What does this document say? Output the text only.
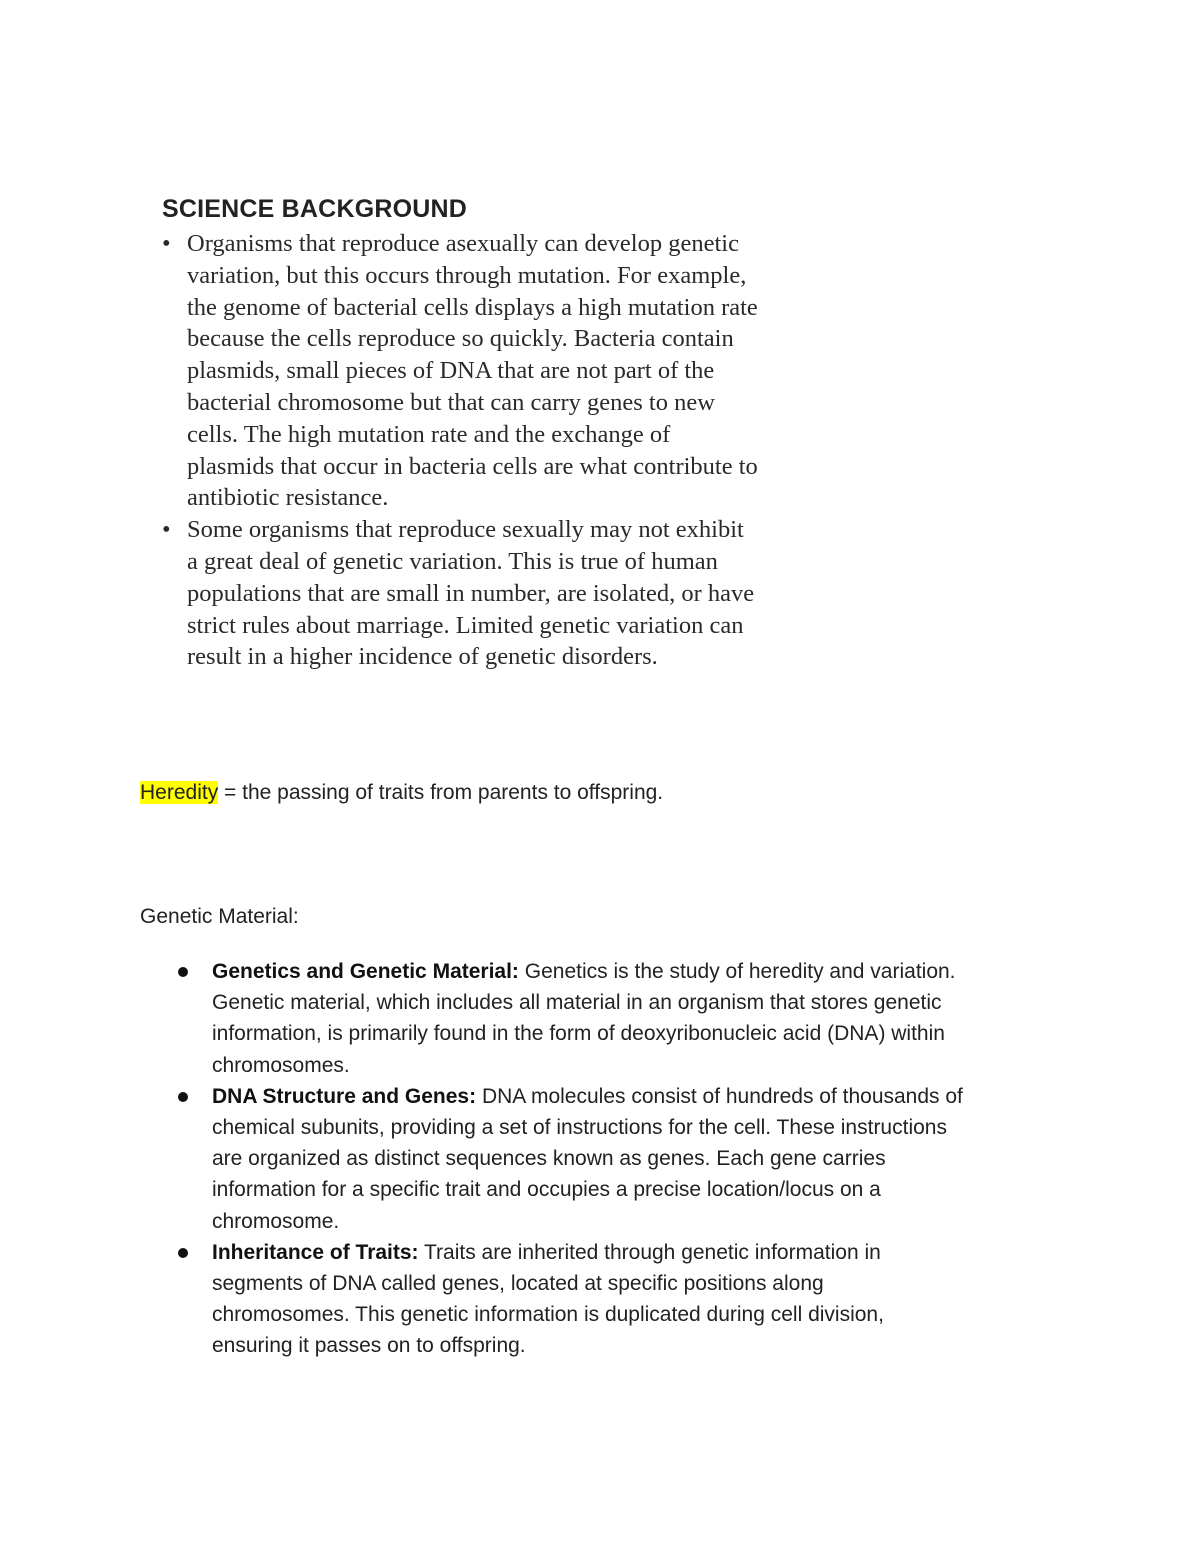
SCIENCE BACKGROUND
• Organisms that reproduce asexually can develop genetic
variation, but this occurs through mutation. For example,
the genome of bacterial cells displays a high mutation rate
because the cells reproduce so quickly. Bacteria contain
plasmids, small pieces of DNA that are not part of the
bacterial chromosome but that can carry genes to new
cells. The high mutation rate and the exchange of
plasmids that occur in bacteria cells are what contribute to
antibiotic resistance.
• Some organisms that reproduce sexually may not exhibit
a great deal of genetic variation. This is true of human
populations that are small in number, are isolated, or have
strict rules about marriage. Limited genetic variation can
result in a higher incidence of genetic disorders.
Heredity = the passing of traits from parents to offspring.
Genetic Material:
Genetics and Genetic Material: Genetics is the study of heredity and variation.
Genetic material, which includes all material in an organism that stores genetic
information, is primarily found in the form of deoxyribonucleic acid (DNA) within
chromosomes.
DNA Structure and Genes: DNA molecules consist of hundreds of thousands of
chemical subunits, providing a set of instructions for the cell. These instructions
are organized as distinct sequences known as genes. Each gene carries
information for a specific trait and occupies a precise location/locus on a
chromosome.
Inheritance of Traits: Traits are inherited through genetic information in
segments of DNA called genes, located at specific positions along
chromosomes. This genetic information is duplicated during cell division,
ensuring it passes on to offspring.
